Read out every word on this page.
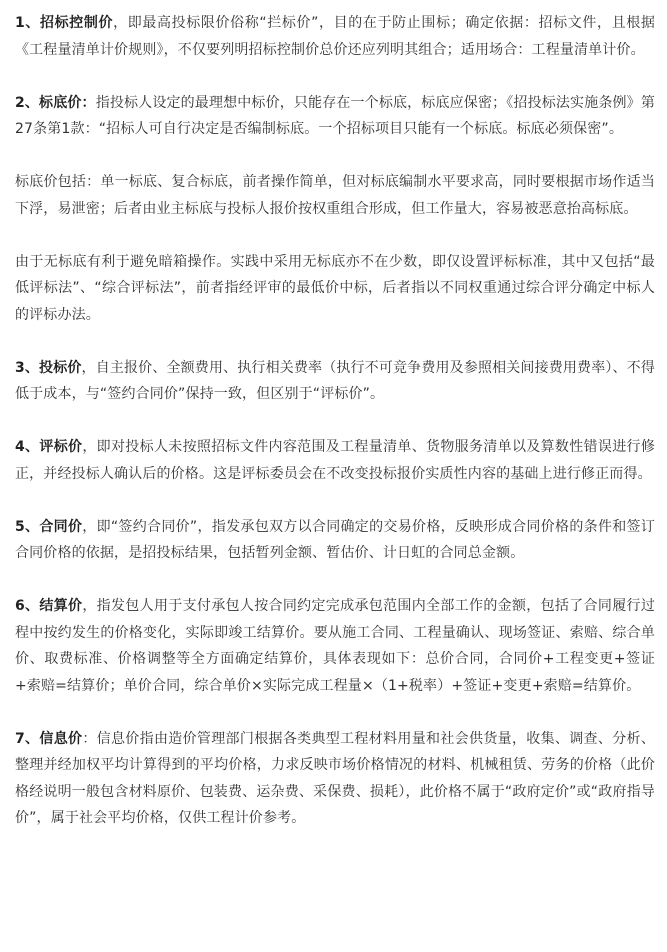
1、招标控制价，即最高投标限价俗称“拦标价”，目的在于防止围标；确定依据：招标文件，且根据《工程量清单计价规则》，不仅要列明招标控制价总价还应列明其组合；适用场合：工程量清单计价。

2、标底价：指投标人设定的最理想中标价，只能存在一个标底，标底应保密；《招投标法实施条例》第27条第1款：“招标人可自行决定是否编制标底。一个招标项目只能有一个标底。标底必须保密”。

标底价包括：单一标底、复合标底，前者操作简单，但对标底编制水平要求高，同时要根据市场作适当下浮，易泄密；后者由业主标底与投标人报价按权重组合形成，但工作量大，容易被恶意抬高标底。

由于无标底有利于避免暗箱操作。实践中采用无标底亦不在少数，即仅设置评标标准，其中又包括“最低评标法”、“综合评标法”，前者指经评审的最低价中标，后者指以不同权重通过综合评分确定中标人的评标办法。

3、投标价，自主报价、全额费用、执行相关费率（执行不可竞争费用及参照相关间接费用费率）、不得低于成本，与“签约合同价”保持一致，但区别于“评标价”。

4、评标价，即对投标人未按照招标文件内容范围及工程量清单、货物服务清单以及算数性错误进行修正，并经投标人确认后的价格。这是评标委员会在不改变投标报价实质性内容的基础上进行修正而得。

5、合同价，即“签约合同价”，指发承包双方以合同确定的交易价格，反映形成合同价格的条件和签订合同价格的依据，是招投标结果，包括暂列金额、暂估价、计日虹的合同总金额。

6、结算价，指发包人用于支付承包人按合同约定完成承包范围内全部工作的金额，包括了合同履行过程中按约发生的价格变化，实际即竣工结算价。要从施工合同、工程量确认、现场签证、索赔、综合单价、取费标准、价格调整等全方面确定结算价，具体表现如下：总价合同，合同价+工程变更+签证+索赔=结算价；单价合同，综合单价×实际完成工程量×（1+税率）+签证+变更+索赔=结算价。

7、信息价：信息价指由造价管理部门根据各类典型工程材料用量和社会供货量，收集、调查、分析、整理并经加权平均计算得到的平均价格，力求反映市场价格情况的材料、机械租赁、劳务的价格（此价格经说明一般包含材料原价、包装费、运杂费、采保费、损耗），此价格不属于“政府定价”或“政府指导价”，属于社会平均价格，仅供工程计价参考。
